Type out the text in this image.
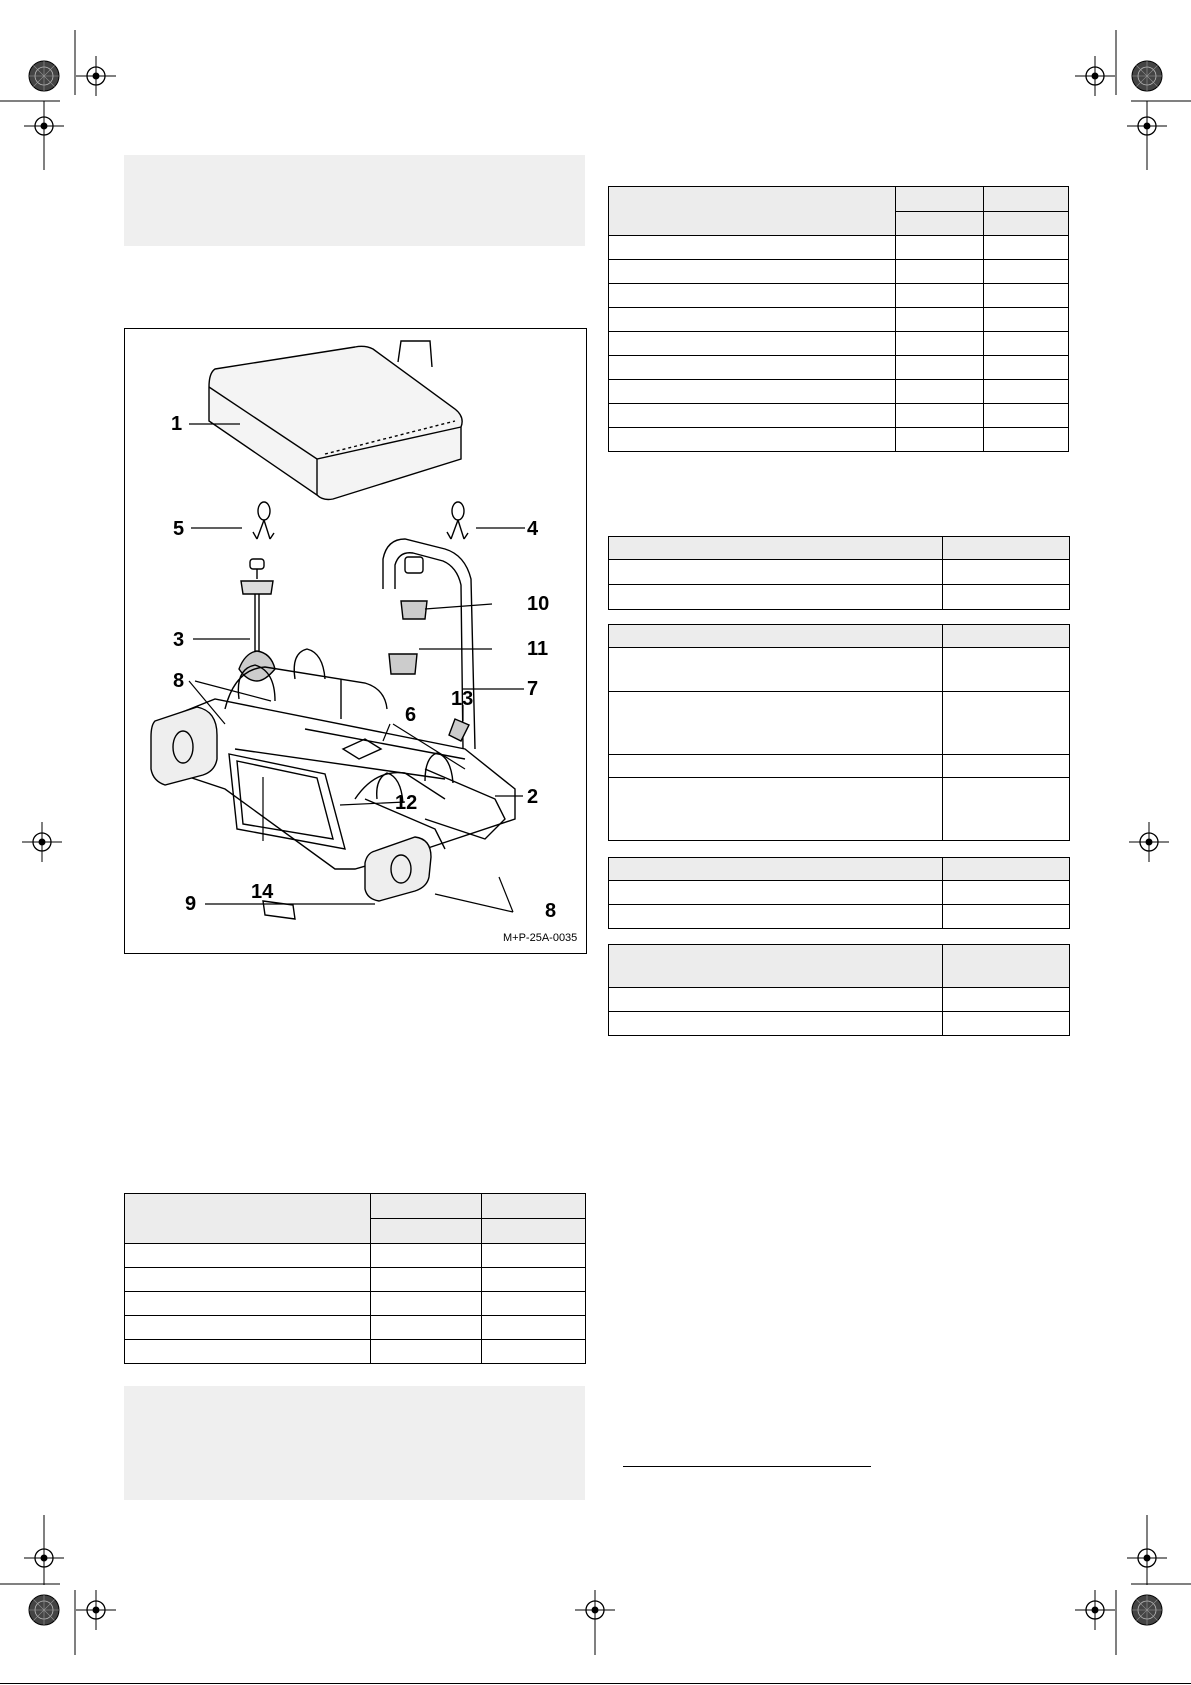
1
5	4
3
10
11
8	7
13
6
2
12
14
9	8
M+P-25A-0035
